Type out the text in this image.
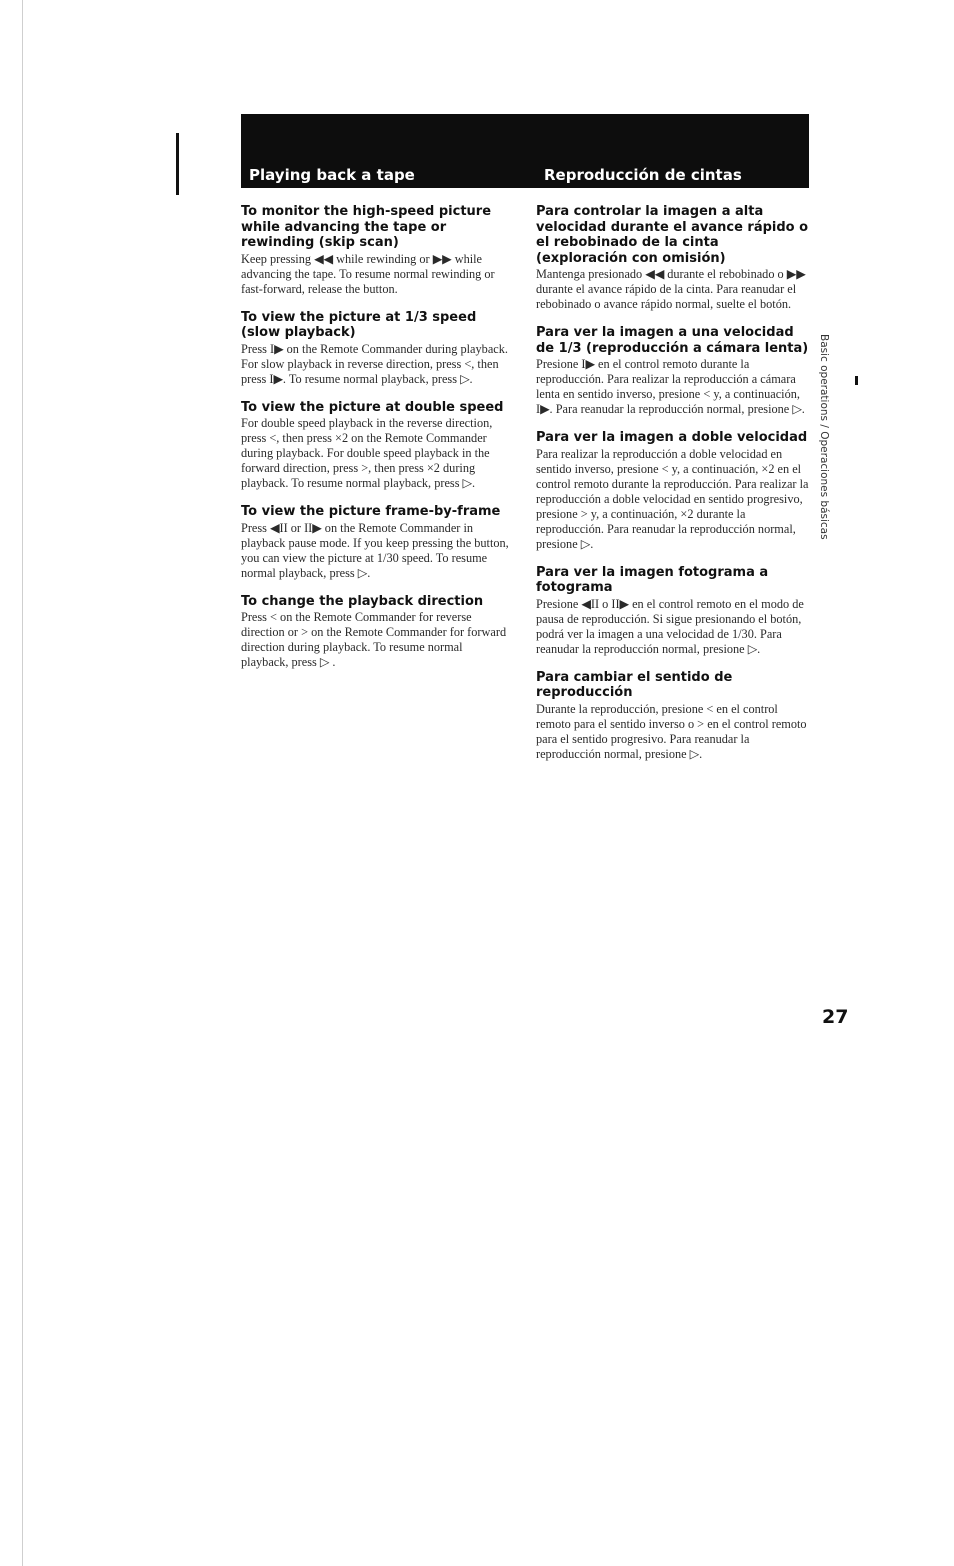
Playing back a tape	Reproducción de cintas
To monitor the high-speed picture while advancing the tape or rewinding (skip scan)

Keep pressing ◀◀ while rewinding or ▶▶ while advancing the tape. To resume normal rewinding or fast-forward, release the button.

To view the picture at 1/3 speed (slow playback)

Press I▶ on the Remote Commander during playback. For slow playback in reverse direction, press <, then press I▶. To resume normal playback, press ▷.

To view the picture at double speed

For double speed playback in the reverse direction, press <, then press ×2 on the Remote Commander during playback. For double speed playback in the forward direction, press >, then press ×2 during playback. To resume normal playback, press ▷.

To view the picture frame-by-frame

Press ◀II or II▶ on the Remote Commander in playback pause mode. If you keep pressing the button, you can view the picture at 1/30 speed. To resume normal playback, press ▷.

To change the playback direction

Press < on the Remote Commander for reverse direction or > on the Remote Commander for forward direction during playback. To resume normal playback, press ▷ .

Para controlar la imagen a alta velocidad durante el avance rápido o el rebobinado de la cinta (exploración con omisión)

Mantenga presionado ◀◀ durante el rebobinado o ▶▶ durante el avance rápido de la cinta. Para reanudar el rebobinado o avance rápido normal, suelte el botón.

Para ver la imagen a una velocidad de 1/3 (reproducción a cámara lenta)

Presione I▶ en el control remoto durante la reproducción. Para realizar la reproducción a cámara lenta en sentido inverso, presione < y, a continuación, I▶. Para reanudar la reproducción normal, presione ▷.

Para ver la imagen a doble velocidad

Para realizar la reproducción a doble velocidad en sentido inverso, presione < y, a continuación, ×2 en el control remoto durante la reproducción. Para realizar la reproducción a doble velocidad en sentido progresivo, presione > y, a continuación, ×2 durante la reproducción. Para reanudar la reproducción normal, presione ▷.

Para ver la imagen fotograma a fotograma

Presione ◀II o II▶ en el control remoto en el modo de pausa de reproducción. Si sigue presionando el botón, podrá ver la imagen a una velocidad de 1/30. Para reanudar la reproducción normal, presione ▷.

Para cambiar el sentido de reproducción

Durante la reproducción, presione < en el control remoto para el sentido inverso o > en el control remoto para el sentido progresivo. Para reanudar la reproducción normal, presione ▷.

Basic operations / Operaciones básicas
27
